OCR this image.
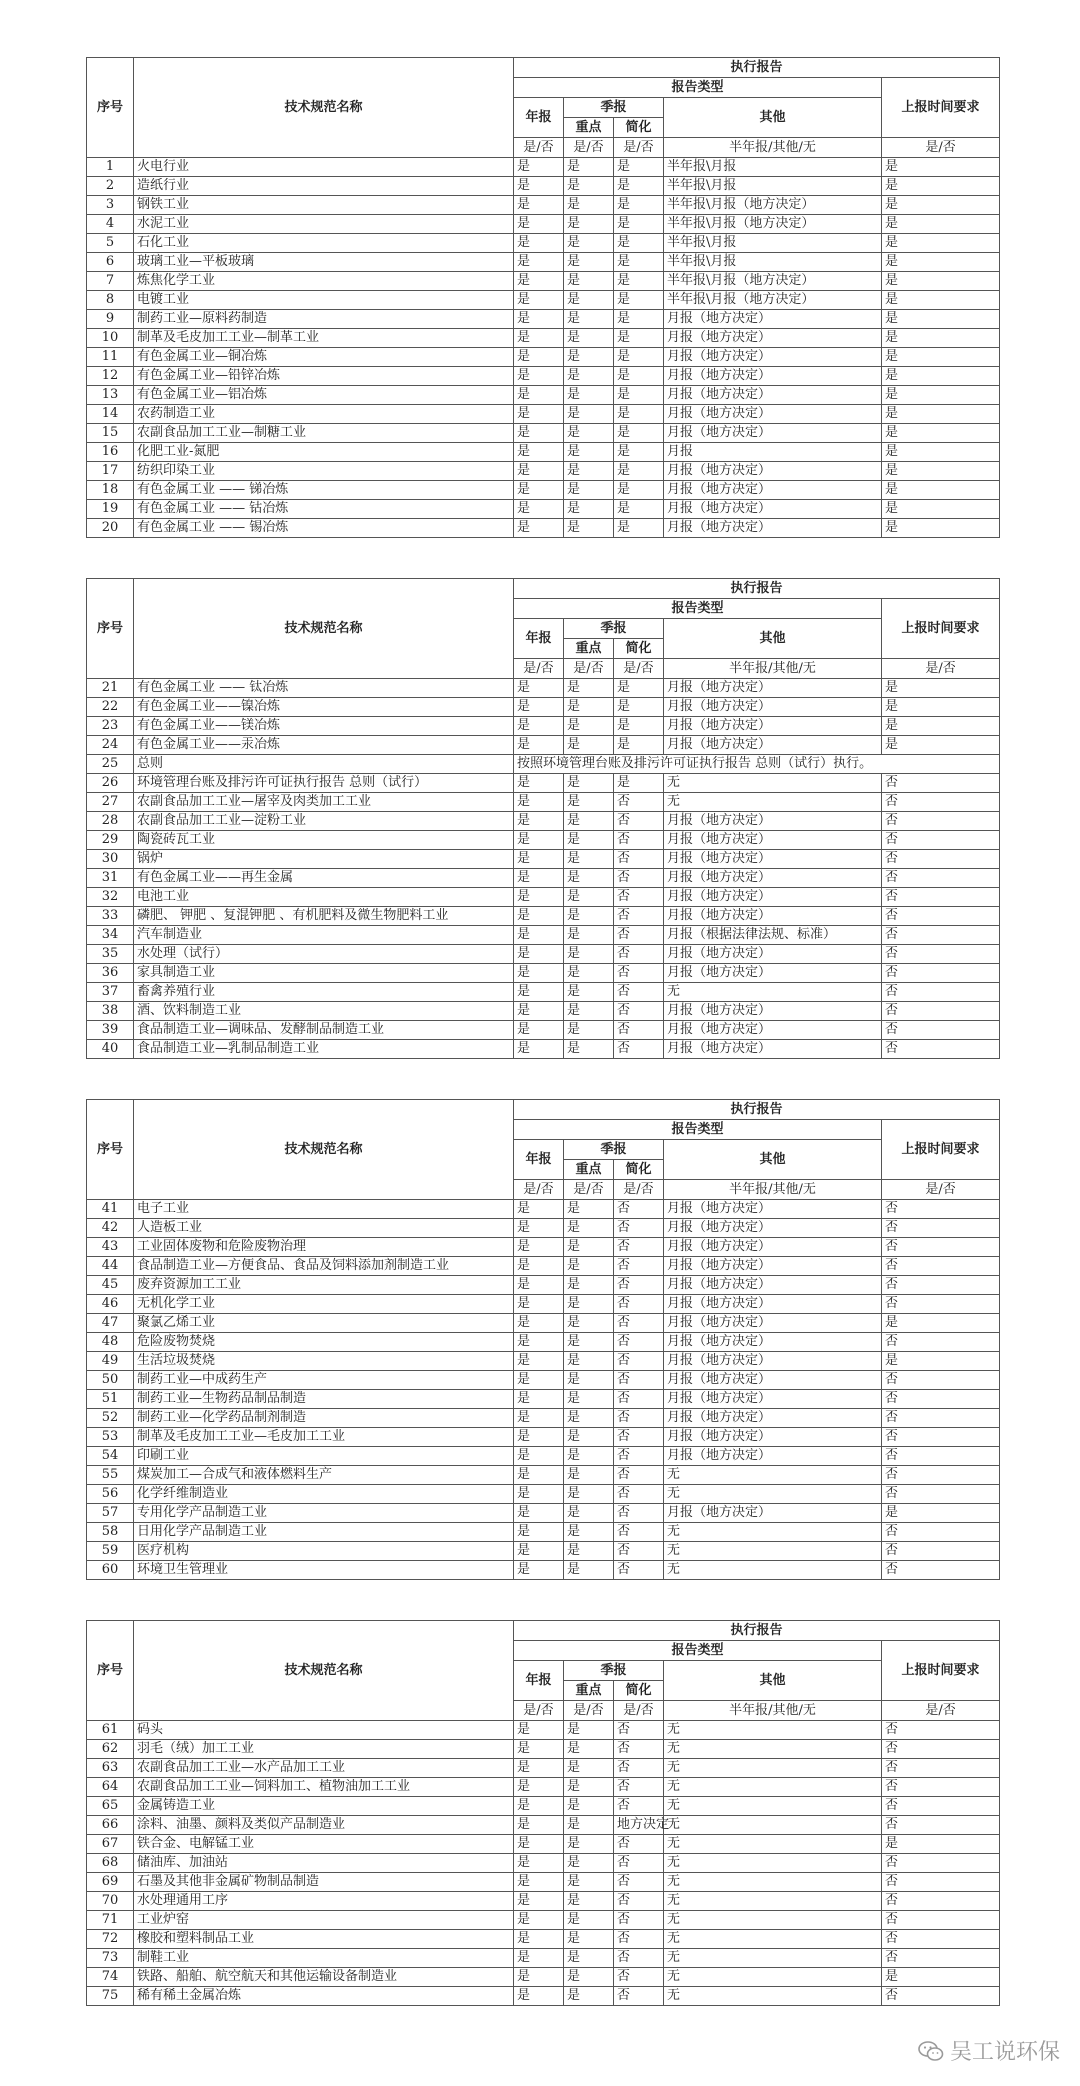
序号	技术规范名称	执行报告				
		报告类型				上报时间要求
		年报	季报		其他	
			重点	简化		
		是/否	是/否	是/否	半年报/其他/无	是/否
1	火电行业	是	是	是	半年报\月报	是
2	造纸行业	是	是	是	半年报\月报	是
3	钢铁工业	是	是	是	半年报\月报（地方决定）	是
4	水泥工业	是	是	是	半年报\月报（地方决定）	是
5	石化工业	是	是	是	半年报\月报	是
6	玻璃工业—平板玻璃	是	是	是	半年报\月报	是
7	炼焦化学工业	是	是	是	半年报\月报（地方决定）	是
8	电镀工业	是	是	是	半年报\月报（地方决定）	是
9	制药工业—原料药制造	是	是	是	月报（地方决定）	是
10	制革及毛皮加工工业—制革工业	是	是	是	月报（地方决定）	是
11	有色金属工业—铜冶炼	是	是	是	月报（地方决定）	是
12	有色金属工业—铅锌冶炼	是	是	是	月报（地方决定）	是
13	有色金属工业—铝冶炼	是	是	是	月报（地方决定）	是
14	农药制造工业	是	是	是	月报（地方决定）	是
15	农副食品加工工业—制糖工业	是	是	是	月报（地方决定）	是
16	化肥工业-氮肥	是	是	是	月报	是
17	纺织印染工业	是	是	是	月报（地方决定）	是
18	有色金属工业 —— 锑冶炼	是	是	是	月报（地方决定）	是
19	有色金属工业 —— 钴冶炼	是	是	是	月报（地方决定）	是
20	有色金属工业 —— 锡冶炼	是	是	是	月报（地方决定）	是
序号	技术规范名称	执行报告				
		报告类型				上报时间要求
		年报	季报		其他	
			重点	简化		
		是/否	是/否	是/否	半年报/其他/无	是/否
21	有色金属工业 —— 钛冶炼	是	是	是	月报（地方决定）	是
22	有色金属工业——镍冶炼	是	是	是	月报（地方决定）	是
23	有色金属工业——镁冶炼	是	是	是	月报（地方决定）	是
24	有色金属工业——汞冶炼	是	是	是	月报（地方决定）	是
25	总则	按照环境管理台账及排污许可证执行报告 总则（试行）执行。				
26	环境管理台账及排污许可证执行报告 总则（试行）	是	是	是	无	否
27	农副食品加工工业—屠宰及肉类加工工业	是	是	否	无	否
28	农副食品加工工业—淀粉工业	是	是	否	月报（地方决定）	否
29	陶瓷砖瓦工业	是	是	否	月报（地方决定）	否
30	锅炉	是	是	否	月报（地方决定）	否
31	有色金属工业——再生金属	是	是	否	月报（地方决定）	否
32	电池工业	是	是	否	月报（地方决定）	否
33	磷肥、 钾肥 、复混钾肥 、有机肥料及微生物肥料工业	是	是	否	月报（地方决定）	否
34	汽车制造业	是	是	否	月报（根据法律法规、标准）	否
35	水处理（试行）	是	是	否	月报（地方决定）	否
36	家具制造工业	是	是	否	月报（地方决定）	否
37	畜禽养殖行业	是	是	否	无	否
38	酒、饮料制造工业	是	是	否	月报（地方决定）	否
39	食品制造工业—调味品、发酵制品制造工业	是	是	否	月报（地方决定）	否
40	食品制造工业—乳制品制造工业	是	是	否	月报（地方决定）	否
序号	技术规范名称	执行报告				
		报告类型				上报时间要求
		年报	季报		其他	
			重点	简化		
		是/否	是/否	是/否	半年报/其他/无	是/否
41	电子工业	是	是	否	月报（地方决定）	否
42	人造板工业	是	是	否	月报（地方决定）	否
43	工业固体废物和危险废物治理	是	是	否	月报（地方决定）	否
44	食品制造工业—方便食品、食品及饲料添加剂制造工业	是	是	否	月报（地方决定）	否
45	废弃资源加工工业	是	是	否	月报（地方决定）	否
46	无机化学工业	是	是	否	月报（地方决定）	否
47	聚氯乙烯工业	是	是	否	月报（地方决定）	是
48	危险废物焚烧	是	是	否	月报（地方决定）	否
49	生活垃圾焚烧	是	是	否	月报（地方决定）	是
50	制药工业—中成药生产	是	是	否	月报（地方决定）	否
51	制药工业—生物药品制品制造	是	是	否	月报（地方决定）	否
52	制药工业—化学药品制剂制造	是	是	否	月报（地方决定）	否
53	制革及毛皮加工工业—毛皮加工工业	是	是	否	月报（地方决定）	否
54	印刷工业	是	是	否	月报（地方决定）	否
55	煤炭加工—合成气和液体燃料生产	是	是	否	无	否
56	化学纤维制造业	是	是	否	无	否
57	专用化学产品制造工业	是	是	否	月报（地方决定）	是
58	日用化学产品制造工业	是	是	否	无	否
59	医疗机构	是	是	否	无	否
60	环境卫生管理业	是	是	否	无	否
序号	技术规范名称	执行报告				
		报告类型				上报时间要求
		年报	季报		其他	
			重点	简化		
		是/否	是/否	是/否	半年报/其他/无	是/否
61	码头	是	是	否	无	否
62	羽毛（绒）加工工业	是	是	否	无	否
63	农副食品加工工业—水产品加工工业	是	是	否	无	否
64	农副食品加工工业—饲料加工、植物油加工工业	是	是	否	无	否
65	金属铸造工业	是	是	否	无	否
66	涂料、油墨、颜料及类似产品制造业	是	是	地方决定	无	否
67	铁合金、电解锰工业	是	是	否	无	是
68	储油库、加油站	是	是	否	无	否
69	石墨及其他非金属矿物制品制造	是	是	否	无	否
70	水处理通用工序	是	是	否	无	否
71	工业炉窑	是	是	否	无	否
72	橡胶和塑料制品工业	是	是	否	无	否
73	制鞋工业	是	是	否	无	否
74	铁路、船舶、航空航天和其他运输设备制造业	是	是	否	无	是
75	稀有稀土金属冶炼	是	是	否	无	否
吴工说环保
